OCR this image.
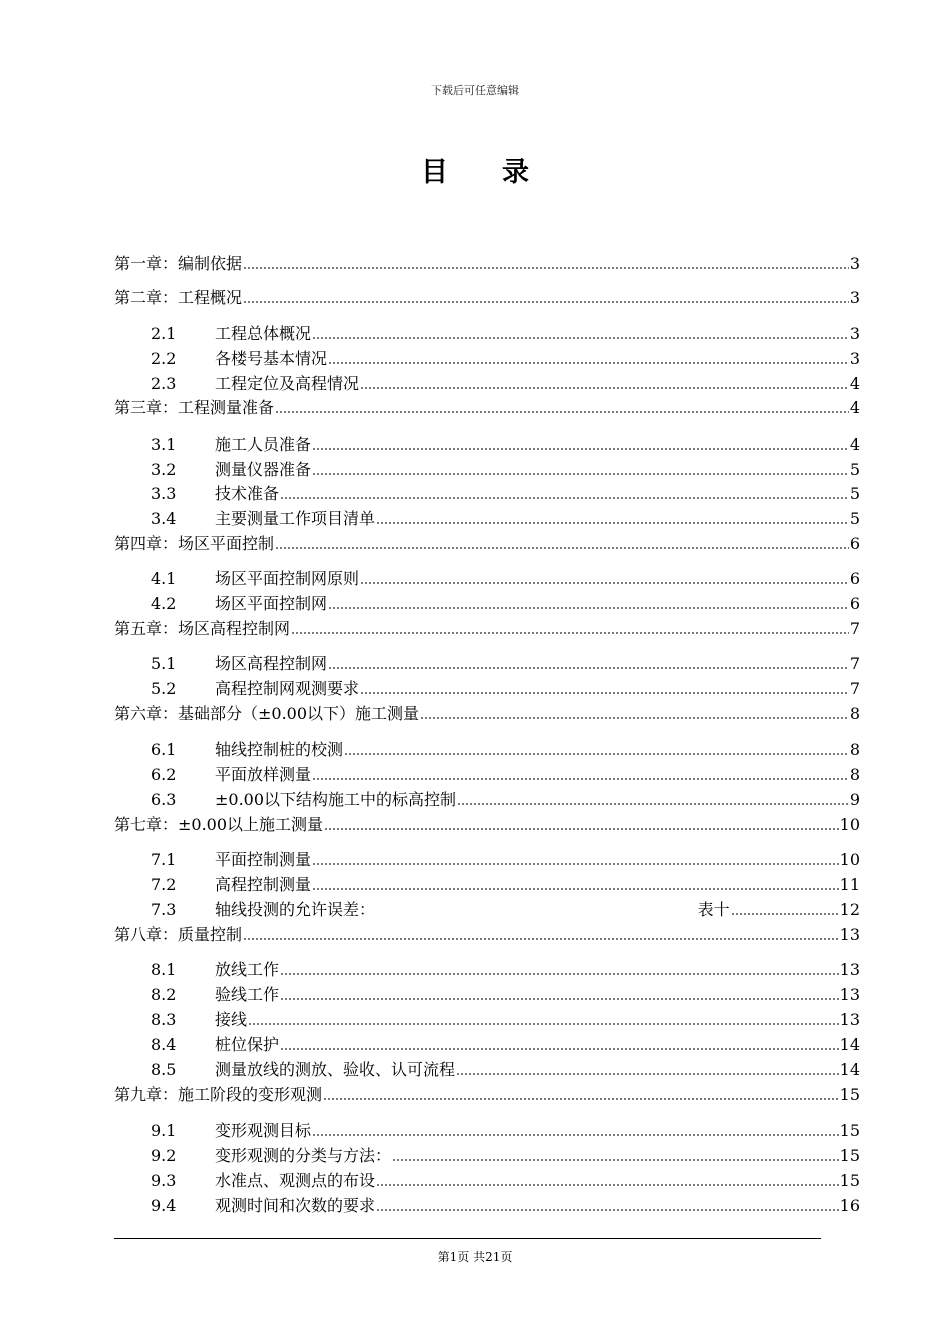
下载后可任意编辑
目录
第一章：编制依据	3
第二章：工程概况	3
2.1	工程总体概况	3
2.2	各楼号基本情况	3
2.3	工程定位及高程情况	4
第三章：工程测量准备	4
3.1	施工人员准备	4
3.2	测量仪器准备	5
3.3	技术准备	5
3.4	主要测量工作项目清单	5
第四章：场区平面控制	6
4.1	场区平面控制网原则	6
4.2	场区平面控制网	6
第五章：场区高程控制网	7
5.1	场区高程控制网	7
5.2	高程控制网观测要求	7
第六章：基础部分（±0.00以下）施工测量	8
6.1	轴线控制桩的校测	8
6.2	平面放样测量	8
6.3	±0.00以下结构施工中的标高控制	9
第七章：±0.00以上施工测量	10
7.1	平面控制测量	10
7.2	高程控制测量	11
7.3	轴线投测的允许误差：	表十	12
第八章：质量控制	13
8.1	放线工作	13
8.2	验线工作	13
8.3	接线	13
8.4	桩位保护	14
8.5	测量放线的测放、验收、认可流程	14
第九章：施工阶段的变形观测	15
9.1	变形观测目标	15
9.2	变形观测的分类与方法：	15
9.3	水准点、观测点的布设	15
9.4	观测时间和次数的要求	16
第1页 共21页
